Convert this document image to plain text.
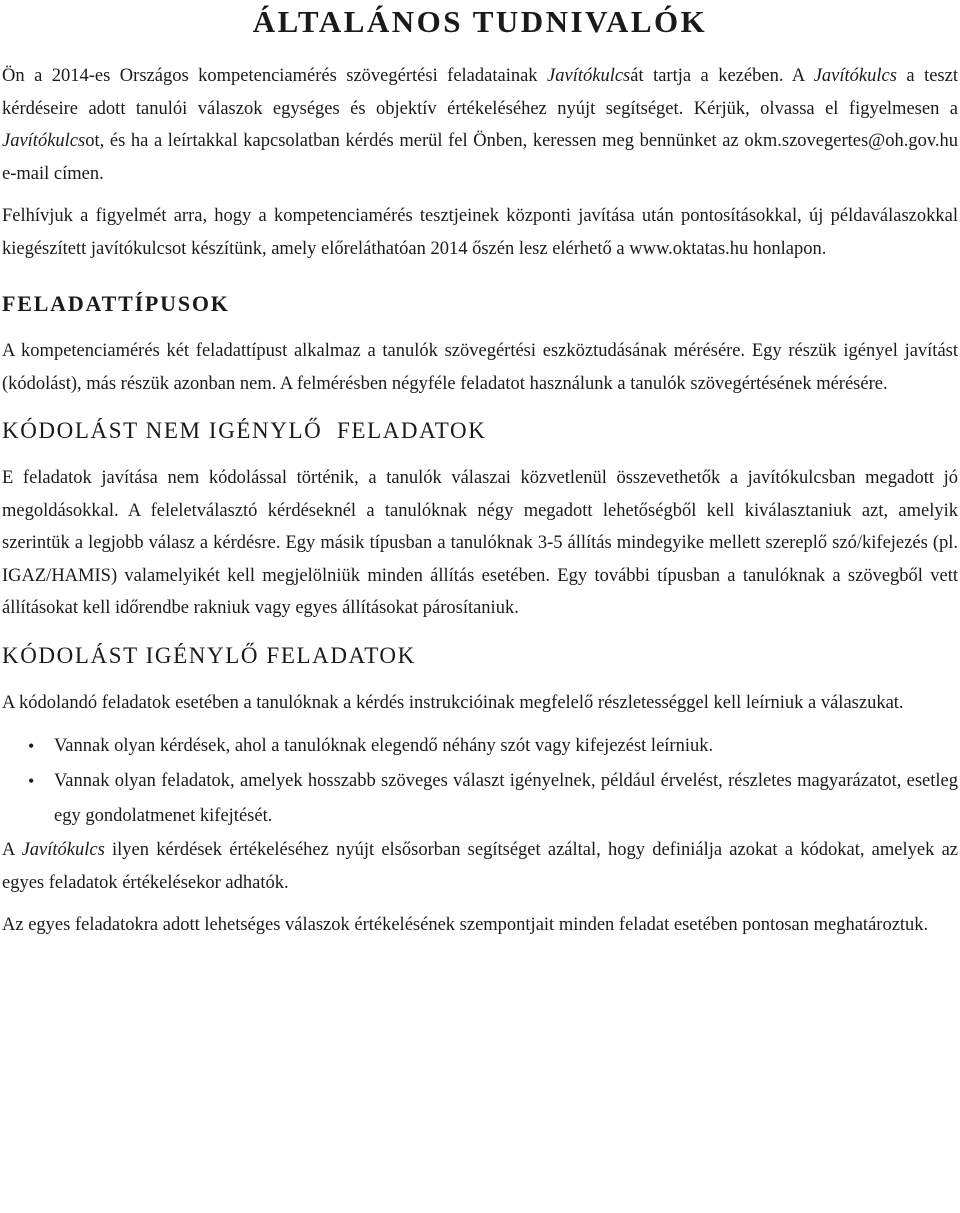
ÁLTALÁNOS TUDNIVALÓK

Ön a 2014-es Országos kompetenciamérés szövegértési feladatainak Javítókulcsát tartja a kezében. A Javítókulcs a teszt kérdéseire adott tanulói válaszok egységes és objektív értékeléséhez nyújt segítséget. Kérjük, olvassa el figyelmesen a Javítókulcsot, és ha a leírtakkal kapcsolatban kérdés merül fel Önben, keressen meg bennünket az okm.szovegertes@oh.gov.hu e-mail címen.

Felhívjuk a figyelmét arra, hogy a kompetenciamérés tesztjeinek központi javítása után pontosításokkal, új példaválaszokkal kiegészített javítókulcsot készítünk, amely előreláthatóan 2014 őszén lesz elérhető a www.oktatas.hu honlapon.

FELADATTÍPUSOK

A kompetenciamérés két feladattípust alkalmaz a tanulók szövegértési eszköztudásának mérésére. Egy részük igényel javítást (kódolást), más részük azonban nem. A felmérésben négyféle feladatot használunk a tanulók szövegértésének mérésére.

KÓDOLÁST NEM IGÉNYLŐ  FELADATOK

E feladatok javítása nem kódolással történik, a tanulók válaszai közvetlenül összevethetők a javítókulcsban megadott jó megoldásokkal. A feleletválasztó kérdéseknél a tanulóknak négy megadott lehetőségből kell kiválasztaniuk azt, amelyik szerintük a legjobb válasz a kérdésre. Egy másik típusban a tanulóknak 3-5 állítás mindegyike mellett szereplő szó/kifejezés (pl. IGAZ/HAMIS) valamelyikét kell megjelölniük minden állítás esetében. Egy további típusban a tanulóknak a szövegből vett állításokat kell időrendbe rakniuk vagy egyes állításokat párosítaniuk.

KÓDOLÁST IGÉNYLŐ FELADATOK

A kódolandó feladatok esetében a tanulóknak a kérdés instrukcióinak megfelelő részletességgel kell leírniuk a válaszukat.

• Vannak olyan kérdések, ahol a tanulóknak elegendő néhány szót vagy kifejezést leírniuk.
• Vannak olyan feladatok, amelyek hosszabb szöveges választ igényelnek, például érvelést, részletes magyarázatot, esetleg egy gondolatmenet kifejtését.

A Javítókulcs ilyen kérdések értékeléséhez nyújt elsősorban segítséget azáltal, hogy definiálja azokat a kódokat, amelyek az egyes feladatok értékelésekor adhatók.

Az egyes feladatokra adott lehetséges válaszok értékelésének szempontjait minden feladat esetében pontosan meghatároztuk.
